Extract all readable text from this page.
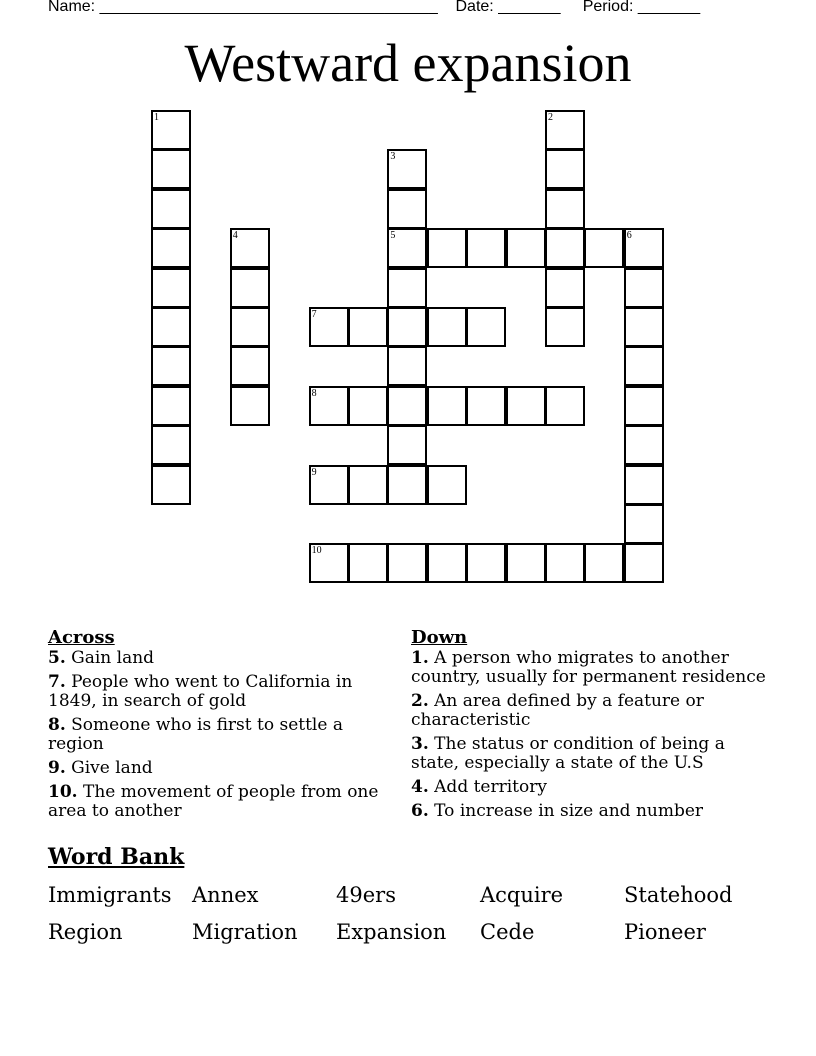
Name: ______________________________________ Date: _______ Period: _______
Westward expansion
1	2
3
5
4	6
7
8
9
10
Across
5. Gain land
7. People who went to California in 1849, in search of gold
8. Someone who is first to settle a region
9. Give land
10. The movement of people from one area to another
Down
1. A person who migrates to another country, usually for permanent residence
2. An area defined by a feature or characteristic
3. The status or condition of being a state, especially a state of the U.S
4. Add territory
6. To increase in size and number
Word Bank
Immigrants Annex	49ers	Acquire	Statehood
Region	Migration	Expansion	Cede	Pioneer
